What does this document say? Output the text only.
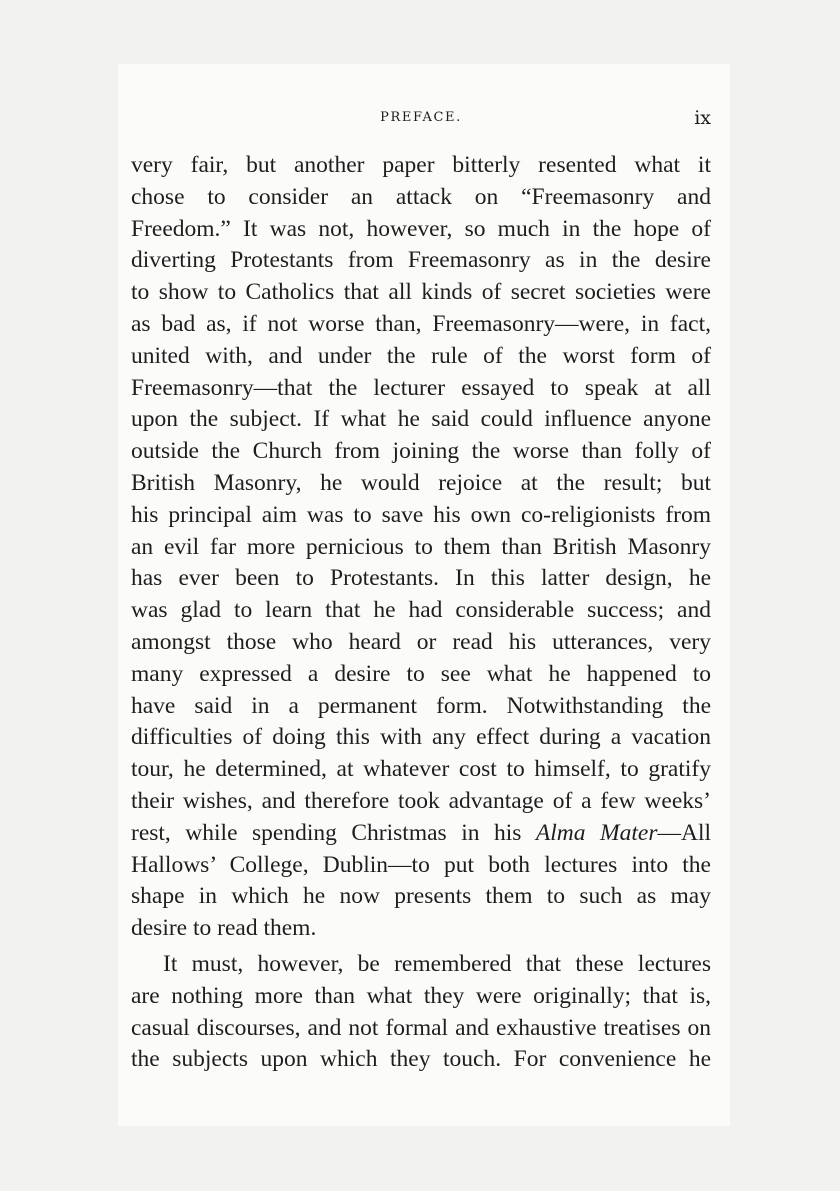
PREFACE.	ix
very fair, but another paper bitterly resented what it
chose to consider an attack on “Freemasonry and
Freedom.” It was not, however, so much in the hope of
diverting Protestants from Freemasonry as in the desire
to show to Catholics that all kinds of secret societies were
as bad as, if not worse than, Freemasonry—were, in fact,
united with, and under the rule of the worst form of
Freemasonry—that the lecturer essayed to speak at all
upon the subject. If what he said could influence anyone
outside the Church from joining the worse than folly of
British Masonry, he would rejoice at the result; but
his principal aim was to save his own co-religionists from
an evil far more pernicious to them than British Masonry
has ever been to Protestants. In this latter design, he
was glad to learn that he had considerable success; and
amongst those who heard or read his utterances, very
many expressed a desire to see what he happened to
have said in a permanent form. Notwithstanding the
difficulties of doing this with any effect during a vacation
tour, he determined, at whatever cost to himself, to gratify
their wishes, and therefore took advantage of a few weeks’
rest, while spending Christmas in his Alma Mater—All
Hallows’ College, Dublin—to put both lectures into the
shape in which he now presents them to such as may
desire to read them.
It must, however, be remembered that these lectures
are nothing more than what they were originally; that is,
casual discourses, and not formal and exhaustive treatises on
the subjects upon which they touch. For convenience he
